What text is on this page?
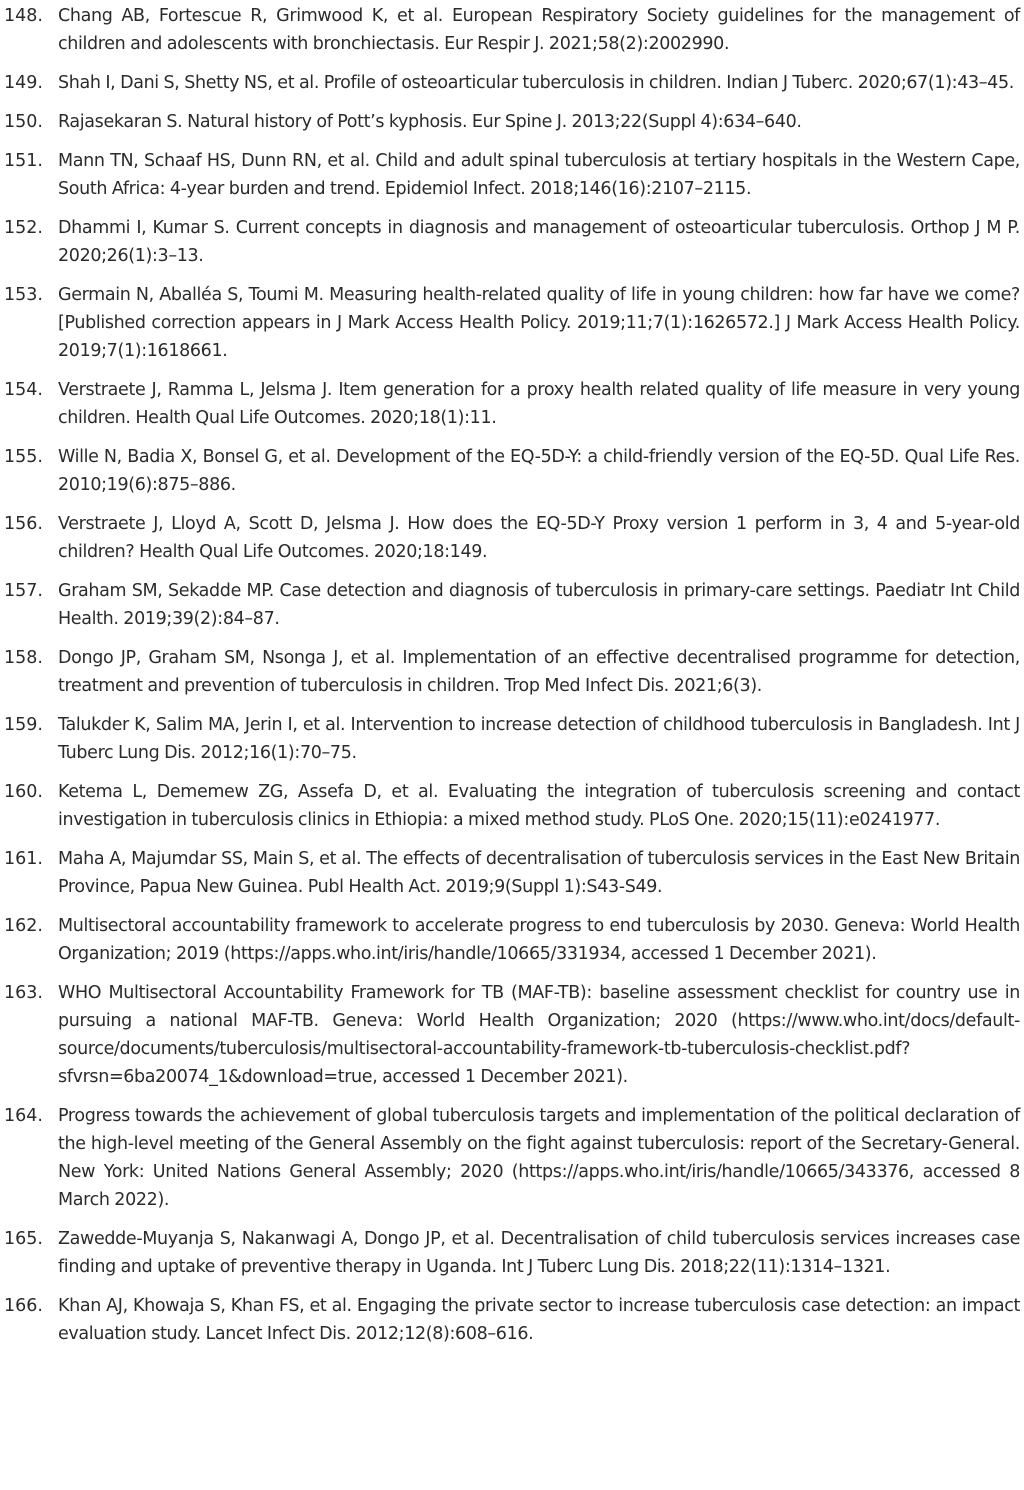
148. Chang AB, Fortescue R, Grimwood K, et al. European Respiratory Society guidelines for the management of children and adolescents with bronchiectasis. Eur Respir J. 2021;58(2):2002990.
149. Shah I, Dani S, Shetty NS, et al. Profile of osteoarticular tuberculosis in children. Indian J Tuberc. 2020;67(1):43–45.
150. Rajasekaran S. Natural history of Pott’s kyphosis. Eur Spine J. 2013;22(Suppl 4):634–640.
151. Mann TN, Schaaf HS, Dunn RN, et al. Child and adult spinal tuberculosis at tertiary hospitals in the Western Cape, South Africa: 4-year burden and trend. Epidemiol Infect. 2018;146(16):2107–2115.
152. Dhammi I, Kumar S. Current concepts in diagnosis and management of osteoarticular tuberculosis. Orthop J M P. 2020;26(1):3–13.
153. Germain N, Aballéa S, Toumi M. Measuring health-related quality of life in young children: how far have we come? [Published correction appears in J Mark Access Health Policy. 2019;11;7(1):1626572.] J Mark Access Health Policy. 2019;7(1):1618661.
154. Verstraete J, Ramma L, Jelsma J. Item generation for a proxy health related quality of life measure in very young children. Health Qual Life Outcomes. 2020;18(1):11.
155. Wille N, Badia X, Bonsel G, et al. Development of the EQ-5D-Y: a child-friendly version of the EQ-5D. Qual Life Res. 2010;19(6):875–886.
156. Verstraete J, Lloyd A, Scott D, Jelsma J. How does the EQ-5D-Y Proxy version 1 perform in 3, 4 and 5-year-old children? Health Qual Life Outcomes. 2020;18:149.
157. Graham SM, Sekadde MP. Case detection and diagnosis of tuberculosis in primary-care settings. Paediatr Int Child Health. 2019;39(2):84–87.
158. Dongo JP, Graham SM, Nsonga J, et al. Implementation of an effective decentralised programme for detection, treatment and prevention of tuberculosis in children. Trop Med Infect Dis. 2021;6(3).
159. Talukder K, Salim MA, Jerin I, et al. Intervention to increase detection of childhood tuberculosis in Bangladesh. Int J Tuberc Lung Dis. 2012;16(1):70–75.
160. Ketema L, Dememew ZG, Assefa D, et al. Evaluating the integration of tuberculosis screening and contact investigation in tuberculosis clinics in Ethiopia: a mixed method study. PLoS One. 2020;15(11):e0241977.
161. Maha A, Majumdar SS, Main S, et al. The effects of decentralisation of tuberculosis services in the East New Britain Province, Papua New Guinea. Publ Health Act. 2019;9(Suppl 1):S43-S49.
162. Multisectoral accountability framework to accelerate progress to end tuberculosis by 2030. Geneva: World Health Organization; 2019 (https://apps.who.int/iris/handle/10665/331934, accessed 1 December 2021).
163. WHO Multisectoral Accountability Framework for TB (MAF-TB): baseline assessment checklist for country use in pursuing a national MAF-TB. Geneva: World Health Organization; 2020 (https://www.who.int/docs/default-source/documents/tuberculosis/multisectoral-accountability-framework-tb-tuberculosis-checklist.pdf?sfvrsn=6ba20074_1&download=true, accessed 1 December 2021).
164. Progress towards the achievement of global tuberculosis targets and implementation of the political declaration of the high-level meeting of the General Assembly on the fight against tuberculosis: report of the Secretary-General. New York: United Nations General Assembly; 2020 (https://apps.who.int/iris/handle/10665/343376, accessed 8 March 2022).
165. Zawedde-Muyanja S, Nakanwagi A, Dongo JP, et al. Decentralisation of child tuberculosis services increases case finding and uptake of preventive therapy in Uganda. Int J Tuberc Lung Dis. 2018;22(11):1314–1321.
166. Khan AJ, Khowaja S, Khan FS, et al. Engaging the private sector to increase tuberculosis case detection: an impact evaluation study. Lancet Infect Dis. 2012;12(8):608–616.
